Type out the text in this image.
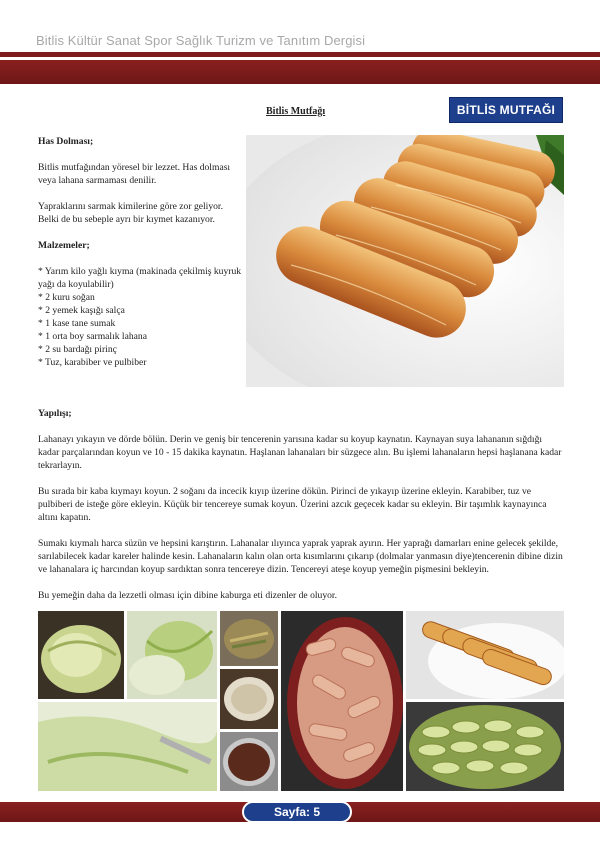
Bitlis Kültür Sanat Spor Sağlık Turizm ve Tanıtım Dergisi
Bitlis Mutfağı	BİTLİS MUTFAĞI

Has Dolması;

Bitlis mutfağından yöresel bir lezzet. Has dolması veya lahana sarmaması denilir.

Yapraklarını sarmak kimilerine göre zor geliyor. Belki de bu sebeple ayrı bir kıymet kazanıyor.

Malzemeler;

* Yarım kilo yağlı kıyma (makinada çekilmiş kuyruk yağı da koyulabilir)
* 2 kuru soğan
* 2 yemek kaşığı salça
* 1 kase tane sumak
* 1 orta boy sarmalık lahana
* 2 su bardağı pirinç
* Tuz, karabiber ve pulbiber

Yapılışı;

Lahanayı yıkayın ve dörde bölün. Derin ve geniş bir tencerenin yarısına kadar su koyup kaynatın. Kaynayan suya lahananın sığdığı kadar parçalarından koyun ve 10 - 15 dakika kaynatın. Haşlanan lahanaları bir süzgece alın. Bu işlemi lahanaların hepsi haşlanana kadar tekrarlayın.

Bu sırada bir kaba kıymayı koyun. 2 soğanı da incecik kıyıp üzerine dökün. Pirinci de yıkayıp üzerine ekleyin. Karabiber, tuz ve pulbiberi de isteğe göre ekleyin. Küçük bir tencereye sumak koyun. Üzerini azcık geçecek kadar su ekleyin. Bir taşımlık kaynayınca altını kapatın.

Sumakı kıymalı harca süzün ve hepsini karıştırın. Lahanalar ılıyınca yaprak yaprak ayırın. Her yaprağı damarları enine gelecek şekilde, sarılabilecek kadar kareler halinde kesin. Lahanaların kalın olan orta kısımlarını çıkarıp (dolmalar yanmasın diye)tencerenin dibine dizin ve lahanalara iç harcından koyup sardıktan sonra tencereye dizin. Tencereyi ateşe koyup yemeğin pişmesini bekleyin.

Bu yemeğin daha da lezzetli olması için dibine kaburga eti dizenler de oluyor.

Sayfa: 5
